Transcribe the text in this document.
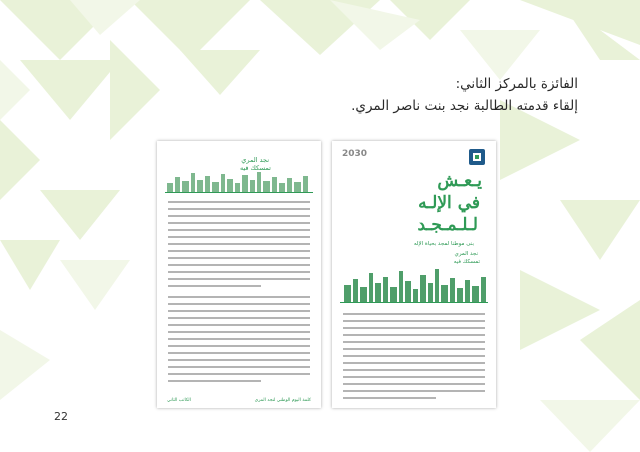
الفائزة بالمركز الثاني:
إلقاء قدمته الطالبة نجد بنت ناصر المري.
نجد المري
تمسكك فيه
الكاتب الثاني	كلمة اليوم الوطني لنجد المري
2030
يـعـش
في الإلـه
لـلـمـجـد
بنى موطنا لمجد بحياة الإله
نجد المري
تمسكك فيه
22
